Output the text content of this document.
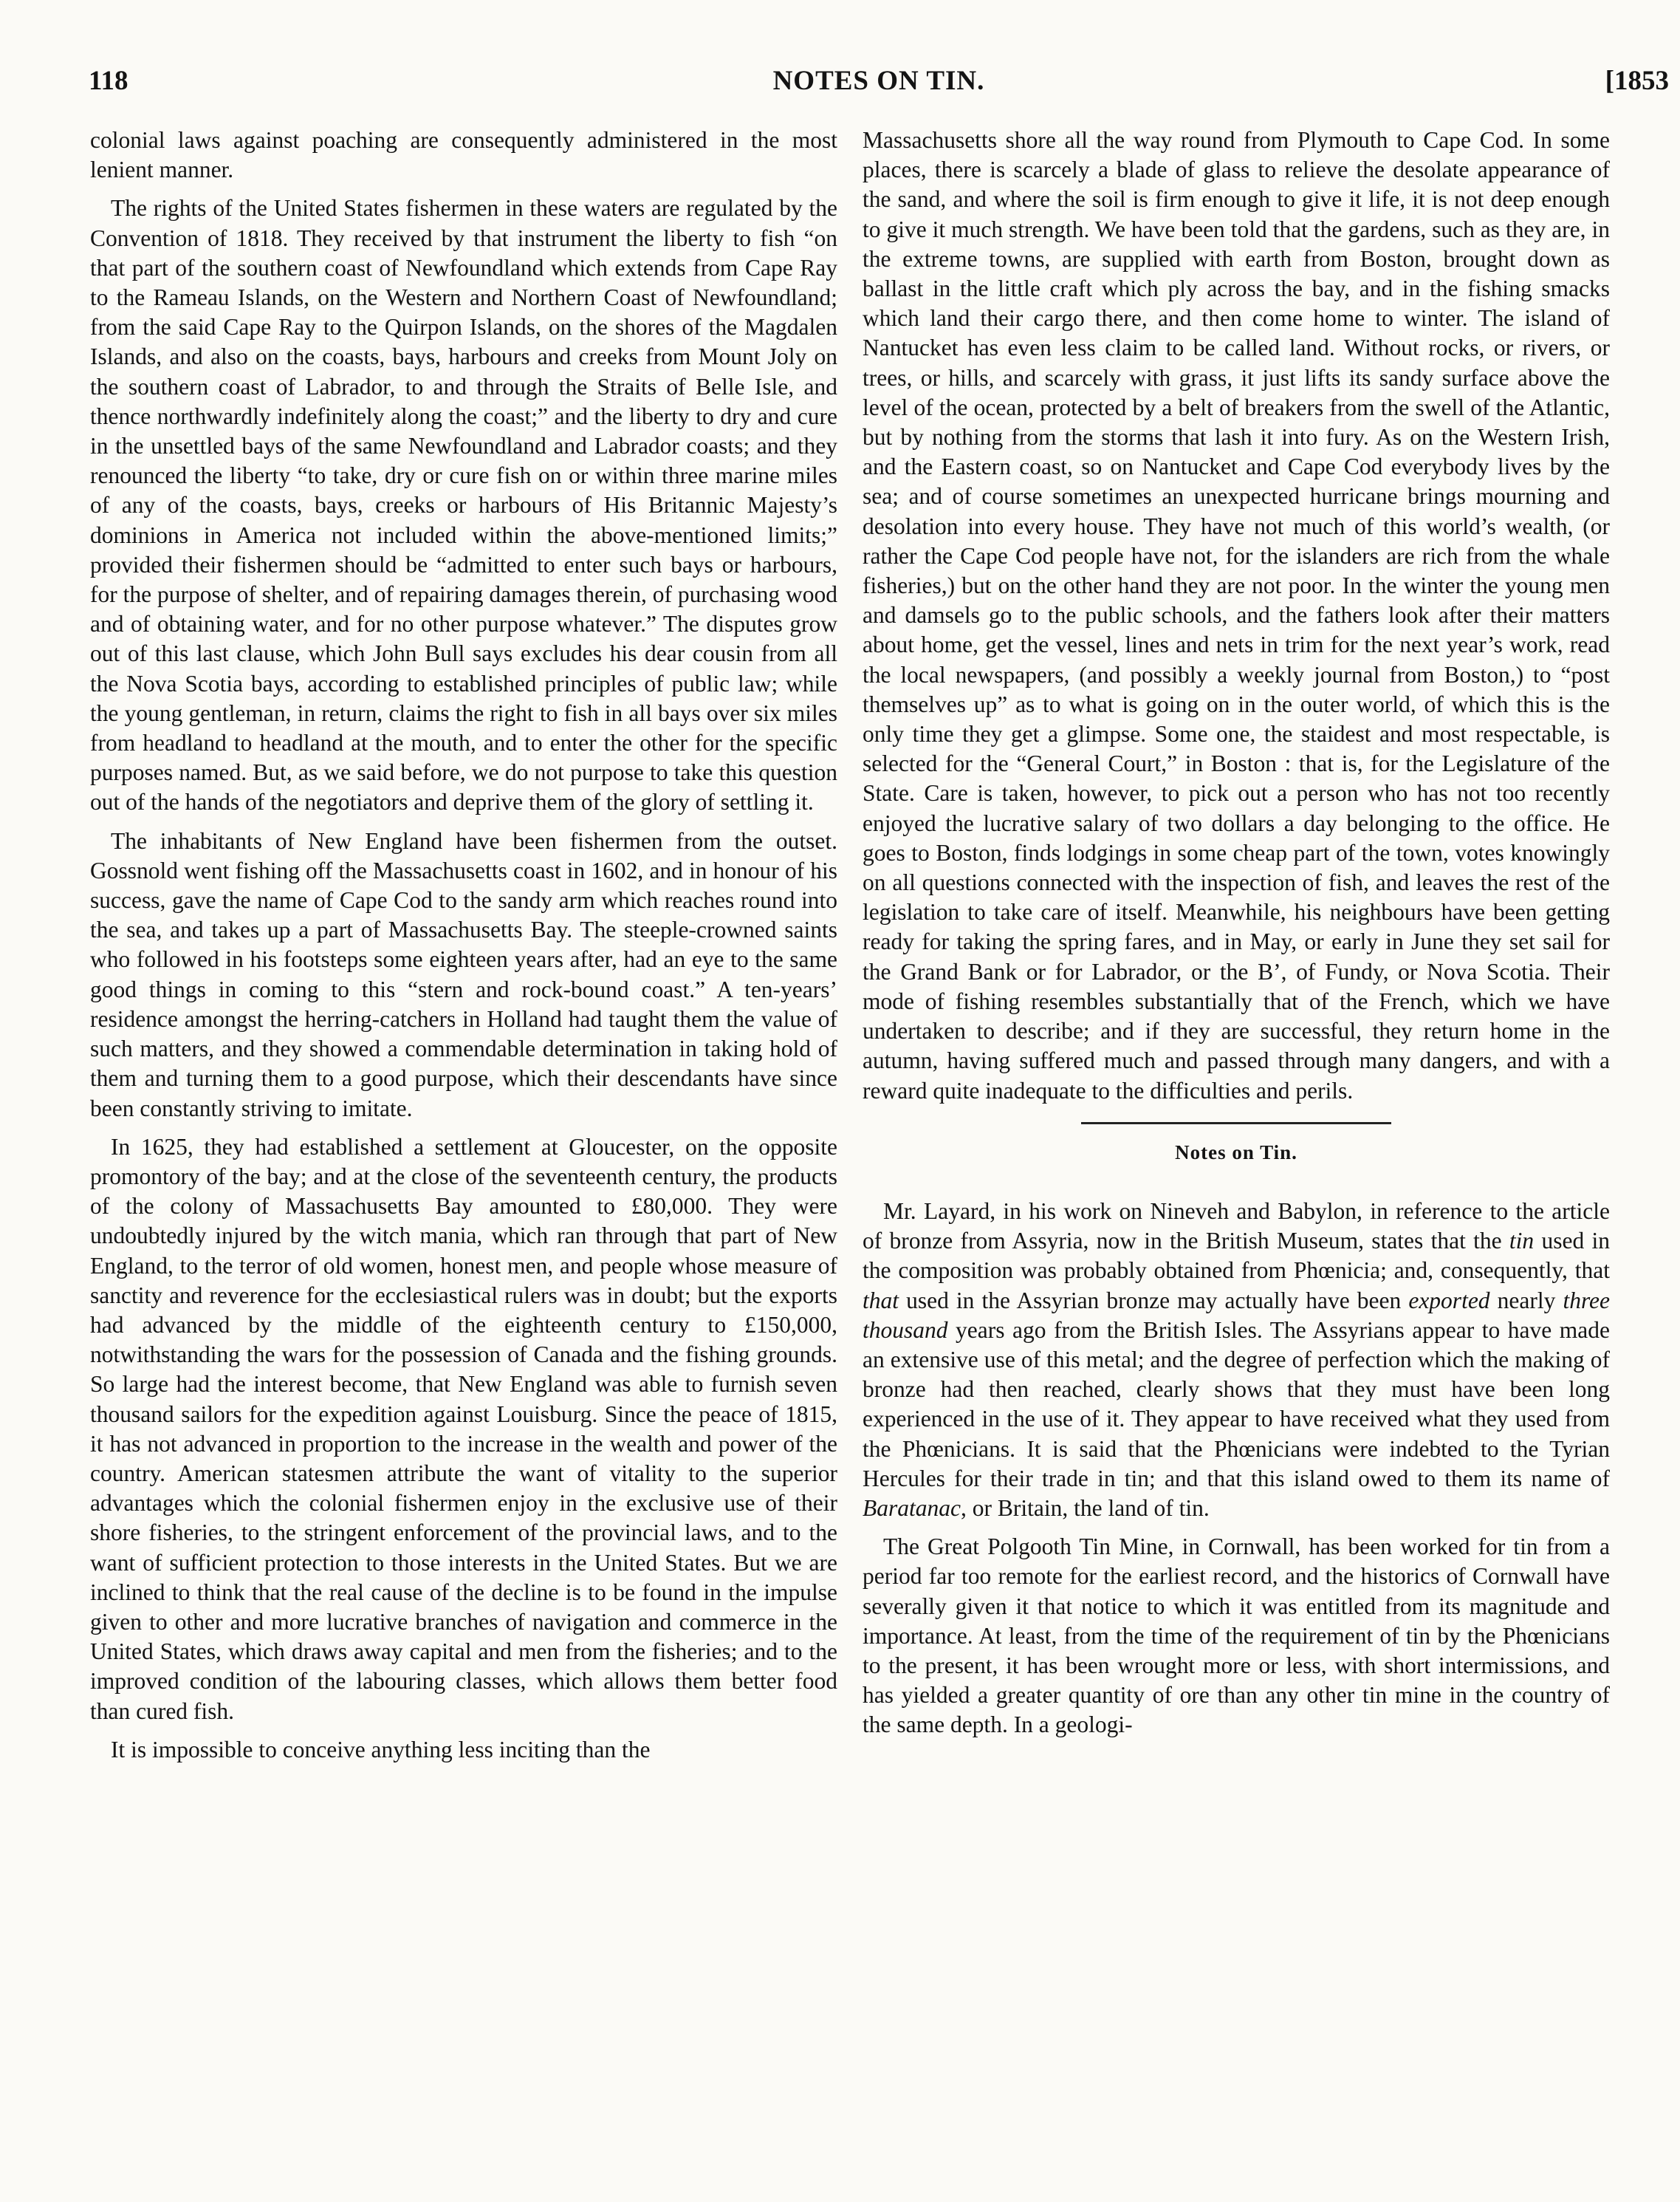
118	NOTES ON TIN.	[1853

colonial laws against poaching are consequently administered in the most lenient manner.

The rights of the United States fishermen in these waters are regulated by the Convention of 1818. They received by that instrument the liberty to fish “on that part of the southern coast of Newfoundland which extends from Cape Ray to the Rameau Islands, on the Western and Northern Coast of Newfoundland; from the said Cape Ray to the Quirpon Islands, on the shores of the Magdalen Islands, and also on the coasts, bays, harbours and creeks from Mount Joly on the southern coast of Labrador, to and through the Straits of Belle Isle, and thence northwardly indefinitely along the coast;” and the liberty to dry and cure in the unsettled bays of the same Newfoundland and Labrador coasts; and they renounced the liberty “to take, dry or cure fish on or within three marine miles of any of the coasts, bays, creeks or harbours of His Britannic Majesty’s dominions in America not included within the above-mentioned limits;” provided their fishermen should be “admitted to enter such bays or harbours, for the purpose of shelter, and of repairing damages therein, of purchasing wood and of obtaining water, and for no other purpose whatever.” The disputes grow out of this last clause, which John Bull says excludes his dear cousin from all the Nova Scotia bays, according to established principles of public law; while the young gentleman, in return, claims the right to fish in all bays over six miles from headland to headland at the mouth, and to enter the other for the specific purposes named. But, as we said before, we do not purpose to take this question out of the hands of the negotiators and deprive them of the glory of settling it.

The inhabitants of New England have been fishermen from the outset. Gossnold went fishing off the Massachusetts coast in 1602, and in honour of his success, gave the name of Cape Cod to the sandy arm which reaches round into the sea, and takes up a part of Massachusetts Bay. The steeple-crowned saints who followed in his footsteps some eighteen years after, had an eye to the same good things in coming to this “stern and rock-bound coast.” A ten-years’ residence amongst the herring-catchers in Holland had taught them the value of such matters, and they showed a commendable determination in taking hold of them and turning them to a good purpose, which their descendants have since been constantly striving to imitate.

In 1625, they had established a settlement at Gloucester, on the opposite promontory of the bay; and at the close of the seventeenth century, the products of the colony of Massachusetts Bay amounted to £80,000. They were undoubtedly injured by the witch mania, which ran through that part of New England, to the terror of old women, honest men, and people whose measure of sanctity and reverence for the ecclesiastical rulers was in doubt; but the exports had advanced by the middle of the eighteenth century to £150,000, notwithstanding the wars for the possession of Canada and the fishing grounds. So large had the interest become, that New England was able to furnish seven thousand sailors for the expedition against Louisburg. Since the peace of 1815, it has not advanced in proportion to the increase in the wealth and power of the country. American statesmen attribute the want of vitality to the superior advantages which the colonial fishermen enjoy in the exclusive use of their shore fisheries, to the stringent enforcement of the provincial laws, and to the want of sufficient protection to those interests in the United States. But we are inclined to think that the real cause of the decline is to be found in the impulse given to other and more lucrative branches of navigation and commerce in the United States, which draws away capital and men from the fisheries; and to the improved condition of the labouring classes, which allows them better food than cured fish.

It is impossible to conceive anything less inciting than the

Massachusetts shore all the way round from Plymouth to Cape Cod. In some places, there is scarcely a blade of glass to relieve the desolate appearance of the sand, and where the soil is firm enough to give it life, it is not deep enough to give it much strength. We have been told that the gardens, such as they are, in the extreme towns, are supplied with earth from Boston, brought down as ballast in the little craft which ply across the bay, and in the fishing smacks which land their cargo there, and then come home to winter. The island of Nantucket has even less claim to be called land. Without rocks, or rivers, or trees, or hills, and scarcely with grass, it just lifts its sandy surface above the level of the ocean, protected by a belt of breakers from the swell of the Atlantic, but by nothing from the storms that lash it into fury. As on the Western Irish, and the Eastern coast, so on Nantucket and Cape Cod everybody lives by the sea; and of course sometimes an unexpected hurricane brings mourning and desolation into every house. They have not much of this world’s wealth, (or rather the Cape Cod people have not, for the islanders are rich from the whale fisheries,) but on the other hand they are not poor. In the winter the young men and damsels go to the public schools, and the fathers look after their matters about home, get the vessel, lines and nets in trim for the next year’s work, read the local newspapers, (and possibly a weekly journal from Boston,) to “post themselves up” as to what is going on in the outer world, of which this is the only time they get a glimpse. Some one, the staidest and most respectable, is selected for the “General Court,” in Boston : that is, for the Legislature of the State. Care is taken, however, to pick out a person who has not too recently enjoyed the lucrative salary of two dollars a day belonging to the office. He goes to Boston, finds lodgings in some cheap part of the town, votes knowingly on all questions connected with the inspection of fish, and leaves the rest of the legislation to take care of itself. Meanwhile, his neighbours have been getting ready for taking the spring fares, and in May, or early in June they set sail for the Grand Bank or for Labrador, or the Bʼ, of Fundy, or Nova Scotia. Their mode of fishing resembles substantially that of the French, which we have undertaken to describe; and if they are successful, they return home in the autumn, having suffered much and passed through many dangers, and with a reward quite inadequate to the difficulties and perils.

Notes on Tin.

Mr. Layard, in his work on Nineveh and Babylon, in reference to the article of bronze from Assyria, now in the British Museum, states that the tin used in the composition was probably obtained from Phœnicia; and, consequently, that that used in the Assyrian bronze may actually have been exported nearly three thousand years ago from the British Isles. The Assyrians appear to have made an extensive use of this metal; and the degree of perfection which the making of bronze had then reached, clearly shows that they must have been long experienced in the use of it. They appear to have received what they used from the Phœnicians. It is said that the Phœnicians were indebted to the Tyrian Hercules for their trade in tin; and that this island owed to them its name of Baratanac, or Britain, the land of tin.

The Great Polgooth Tin Mine, in Cornwall, has been worked for tin from a period far too remote for the earliest record, and the historics of Cornwall have severally given it that notice to which it was entitled from its magnitude and importance. At least, from the time of the requirement of tin by the Phœnicians to the present, it has been wrought more or less, with short intermissions, and has yielded a greater quantity of ore than any other tin mine in the country of the same depth. In a geologi-
